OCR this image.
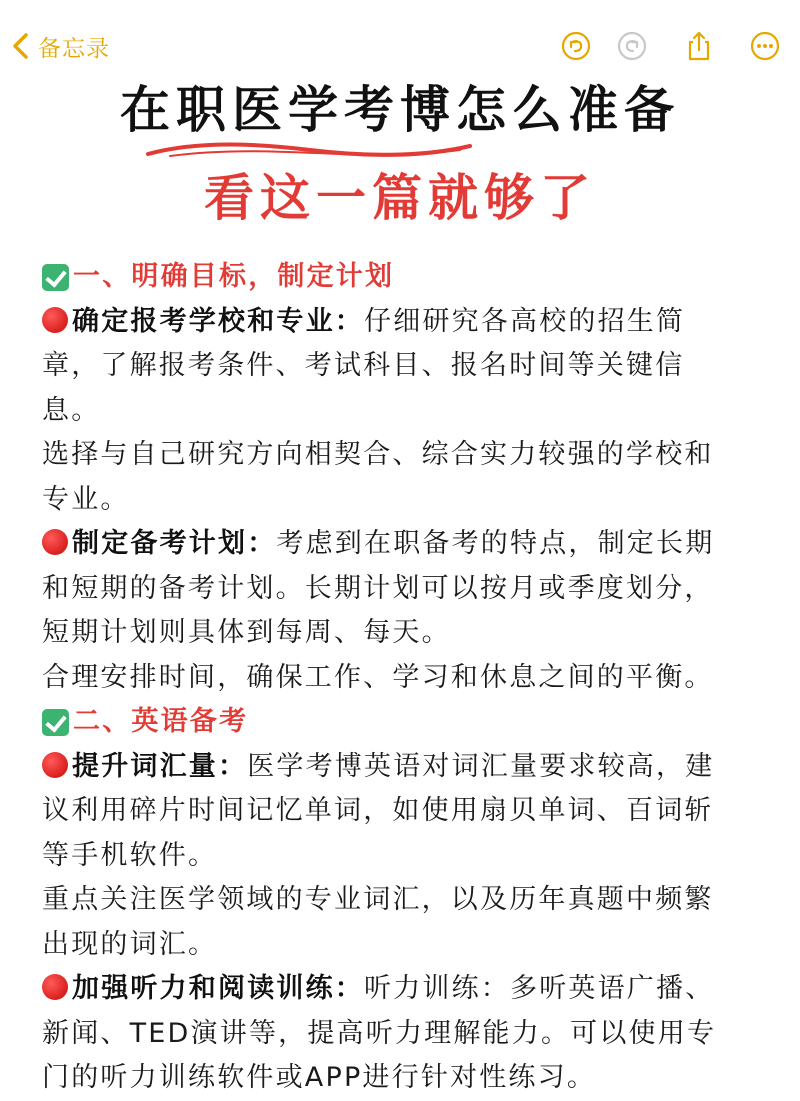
备忘录
在职医学考博怎么准备
看这一篇就够了
一、明确目标，制定计划
确定报考学校和专业：仔细研究各高校的招生简
章，了解报考条件、考试科目、报名时间等关键信
息。
选择与自己研究方向相契合、综合实力较强的学校和
专业。
制定备考计划：考虑到在职备考的特点，制定长期
和短期的备考计划。长期计划可以按月或季度划分，
短期计划则具体到每周、每天。
合理安排时间，确保工作、学习和休息之间的平衡。
二、英语备考
提升词汇量：医学考博英语对词汇量要求较高，建
议利用碎片时间记忆单词，如使用扇贝单词、百词斩
等手机软件。
重点关注医学领域的专业词汇，以及历年真题中频繁
出现的词汇。
加强听力和阅读训练：听力训练：多听英语广播、
新闻、TED演讲等，提高听力理解能力。可以使用专
门的听力训练软件或APP进行针对性练习。
